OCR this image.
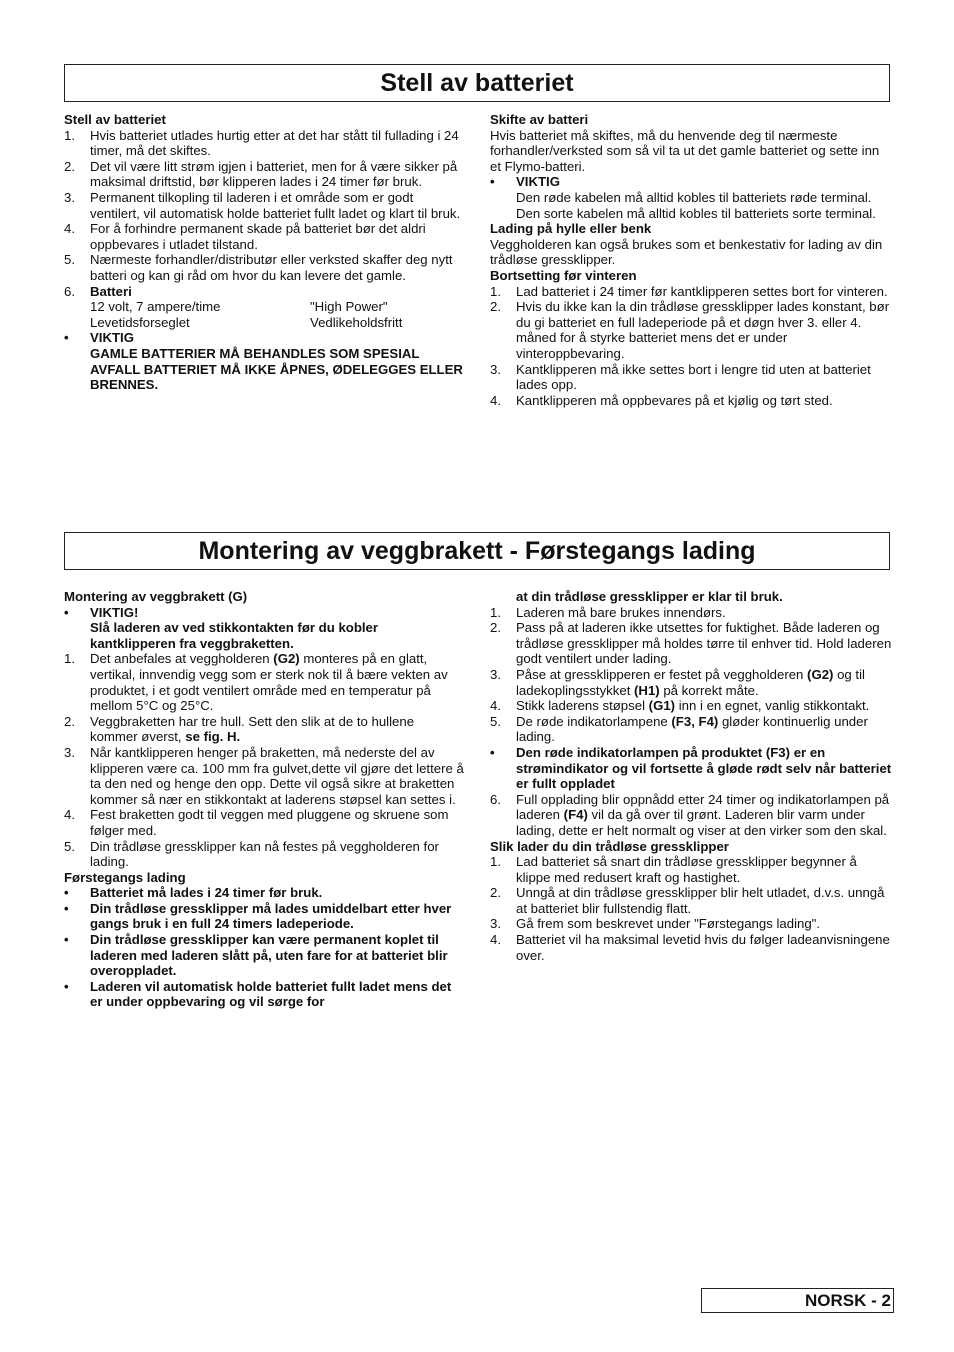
Stell av batteriet
Stell av batteriet
1.	Hvis batteriet utlades hurtig etter at det har stått til fullading i 24 timer, må det skiftes.
2.	Det vil være litt strøm igjen i batteriet, men for å være sikker på maksimal driftstid, bør klipperen lades i 24 timer før bruk.
3.	Permanent tilkopling til laderen i et område som er godt ventilert, vil automatisk holde batteriet fullt ladet og klart til bruk.
4.	For å forhindre permanent skade på batteriet bør det aldri oppbevares i utladet tilstand.
5.	Nærmeste forhandler/distributør eller verksted skaffer deg nytt batteri og kan gi råd om hvor du kan levere det gamle.
6.	Batteri
12 volt, 7 ampere/time	"High Power"
Levetidsforseglet	Vedlikeholdsfritt
•	VIKTIG
GAMLE BATTERIER MÅ BEHANDLES SOM SPESIAL AVFALL BATTERIET MÅ IKKE ÅPNES, ØDELEGGES ELLER BRENNES.
Skifte av batteri
Hvis batteriet må skiftes, må du henvende deg til nærmeste forhandler/verksted som så vil ta ut det gamle batteriet og sette inn et Flymo-batteri.
•	VIKTIG
Den røde kabelen må alltid kobles til batteriets røde terminal.
Den sorte kabelen må alltid kobles til batteriets sorte terminal.
Lading på hylle eller benk
Veggholderen kan også brukes som et benkestativ for lading av din trådløse gressklipper.
Bortsetting før vinteren
1.	Lad batteriet i 24 timer før kantklipperen settes bort for vinteren.
2.	Hvis du ikke kan la din trådløse gressklipper lades konstant, bør du gi batteriet en full ladeperiode på et døgn hver 3. eller 4. måned for å styrke batteriet mens det er under vinteroppbevaring.
3.	Kantklipperen må ikke settes bort i lengre tid uten at batteriet lades opp.
4.	Kantklipperen må oppbevares på et kjølig og tørt sted.
Montering av veggbrakett - Førstegangs lading
Montering av veggbrakett (G)
•	VIKTIG!
Slå laderen av ved stikkontakten før du kobler kantklipperen fra veggbraketten.
1.	Det anbefales at veggholderen (G2) monteres på en glatt, vertikal, innvendig vegg som er sterk nok til å bære vekten av produktet, i et godt ventilert område med en temperatur på mellom 5°C og 25°C.
2.	Veggbraketten har tre hull. Sett den slik at de to hullene kommer øverst, se fig. H.
3.	Når kantklipperen henger på braketten, må nederste del av klipperen være ca. 100 mm fra gulvet,dette vil gjøre det lettere å ta den ned og henge den opp. Dette vil også sikre at braketten kommer så nær en stikkontakt at laderens støpsel kan settes i.
4.	Fest braketten godt til veggen med pluggene og skruene som følger med.
5.	Din trådløse gressklipper kan nå festes på veggholderen for lading.
Førstegangs lading
•	Batteriet må lades i 24 timer før bruk.
•	Din trådløse gressklipper må lades umiddelbart etter hver gangs bruk i en full 24 timers ladeperiode.
•	Din trådløse gressklipper kan være permanent koplet til laderen med laderen slått på, uten fare for at batteriet blir overoppladet.
•	Laderen vil automatisk holde batteriet fullt ladet mens det er under oppbevaring og vil sørge for
at din trådløse gressklipper er klar til bruk.
1.	Laderen må bare brukes innendørs.
2.	Pass på at laderen ikke utsettes for fuktighet. Både laderen og trådløse gressklipper må holdes tørre til enhver tid. Hold laderen godt ventilert under lading.
3.	Påse at gressklipperen er festet på veggholderen (G2) og til ladekoplingsstykket (H1) på korrekt måte.
4.	Stikk laderens støpsel (G1) inn i en egnet, vanlig stikkontakt.
5.	De røde indikatorlampene (F3, F4) gløder kontinuerlig under lading.
•	Den røde indikatorlampen på produktet (F3) er en strømindikator og vil fortsette å gløde rødt selv når batteriet er fullt oppladet
6.	Full opplading blir oppnådd etter 24 timer og indikatorlampen på laderen (F4) vil da gå over til grønt. Laderen blir varm under lading, dette er helt normalt og viser at den virker som den skal.
Slik lader du din trådløse gressklipper
1.	Lad batteriet så snart din trådløse gressklipper begynner å klippe med redusert kraft og hastighet.
2.	Unngå at din trådløse gressklipper blir helt utladet, d.v.s. unngå at batteriet blir fullstendig flatt.
3.	Gå frem som beskrevet under "Førstegangs lading".
4.	Batteriet vil ha maksimal levetid hvis du følger ladeanvisningene over.
NORSK - 2
